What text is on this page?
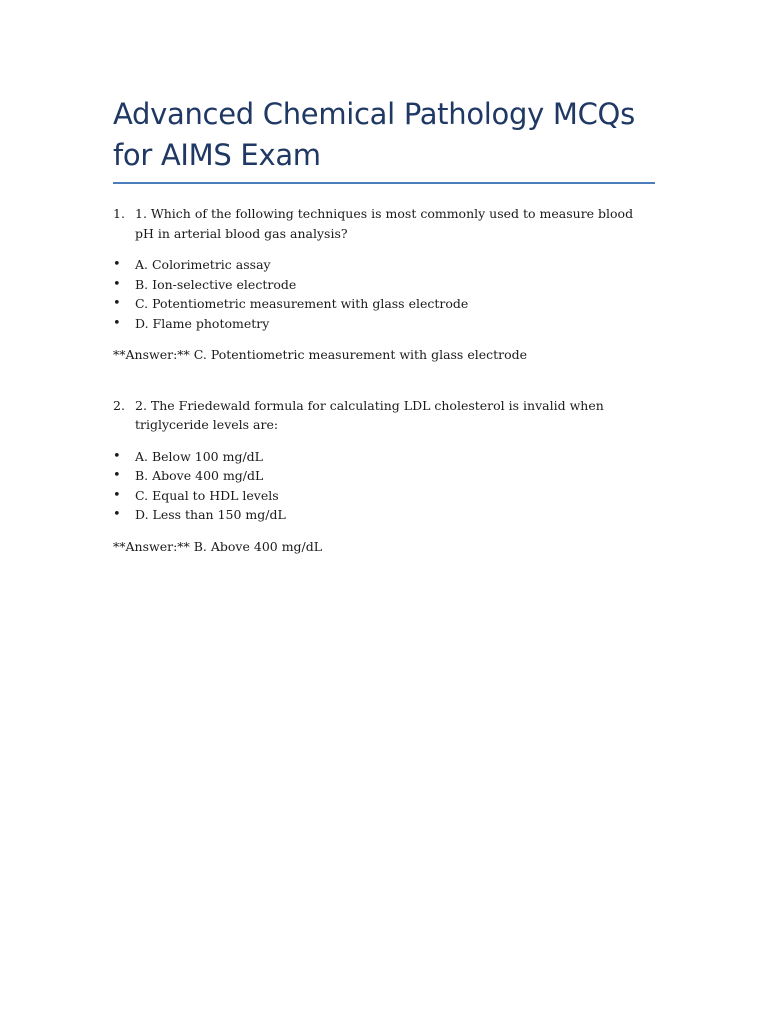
Advanced Chemical Pathology MCQs for AIMS Exam

1. 1. Which of the following techniques is most commonly used to measure blood pH in arterial blood gas analysis?

• A. Colorimetric assay
• B. Ion-selective electrode
• C. Potentiometric measurement with glass electrode
• D. Flame photometry

**Answer:** C. Potentiometric measurement with glass electrode

2. 2. The Friedewald formula for calculating LDL cholesterol is invalid when triglyceride levels are:

• A. Below 100 mg/dL
• B. Above 400 mg/dL
• C. Equal to HDL levels
• D. Less than 150 mg/dL

**Answer:** B. Above 400 mg/dL
